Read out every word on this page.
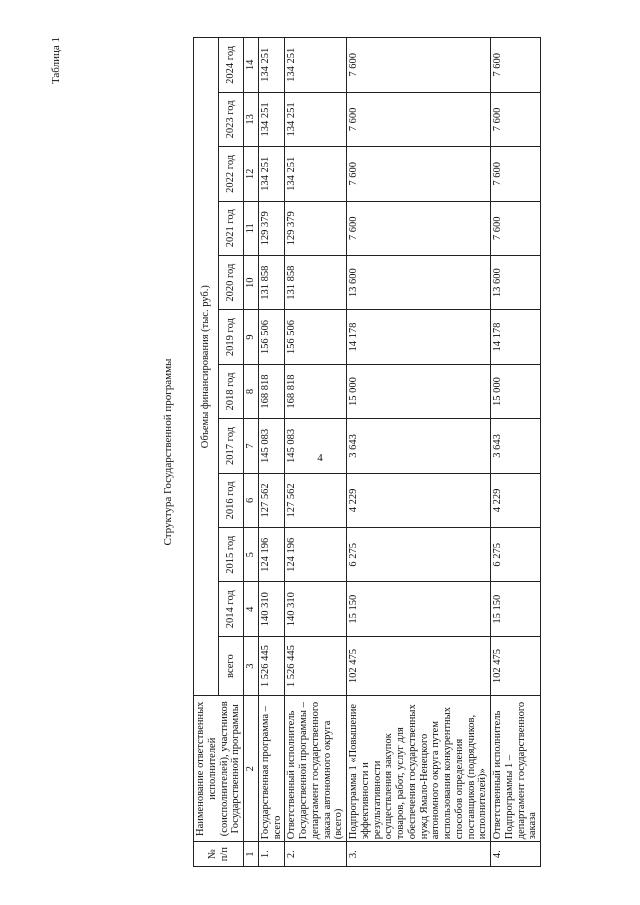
4
Таблица 1
Структура Государственной программы
№ п/п	Наименование ответственных исполнителей (соисполнителей), участников Государственной программы	Объемы финансирования (тыс. руб.)											
		всего	2014 год	2015 год	2016 год	2017 год	2018 год	2019 год	2020 год	2021 год	2022 год	2023 год	2024 год
1	2	3	4	5	6	7	8	9	10	11	12	13	14
1.	Государственная программа – всего	1 526 445	140 310	124 196	127 562	145 083	168 818	156 506	131 858	129 379	134 251	134 251	134 251
2.	Ответственный исполнитель Государственной программы – департамент государственного заказа автономного округа (всего)	1 526 445	140 310	124 196	127 562	145 083	168 818	156 506	131 858	129 379	134 251	134 251	134 251
3.	Подпрограмма 1 «Повышение эффективности и результативности осуществления закупок товаров, работ, услуг для обеспечения государственных нужд Ямало-Ненецкого автономного округа путем использования конкурентных способов определения поставщиков (подрядчиков, исполнителей)»	102 475	15 150	6 275	4 229	3 643	15 000	14 178	13 600	7 600	7 600	7 600	7 600
4.	Ответственный исполнитель Подпрограммы 1 – департамент государственного заказа	102 475	15 150	6 275	4 229	3 643	15 000	14 178	13 600	7 600	7 600	7 600	7 600
